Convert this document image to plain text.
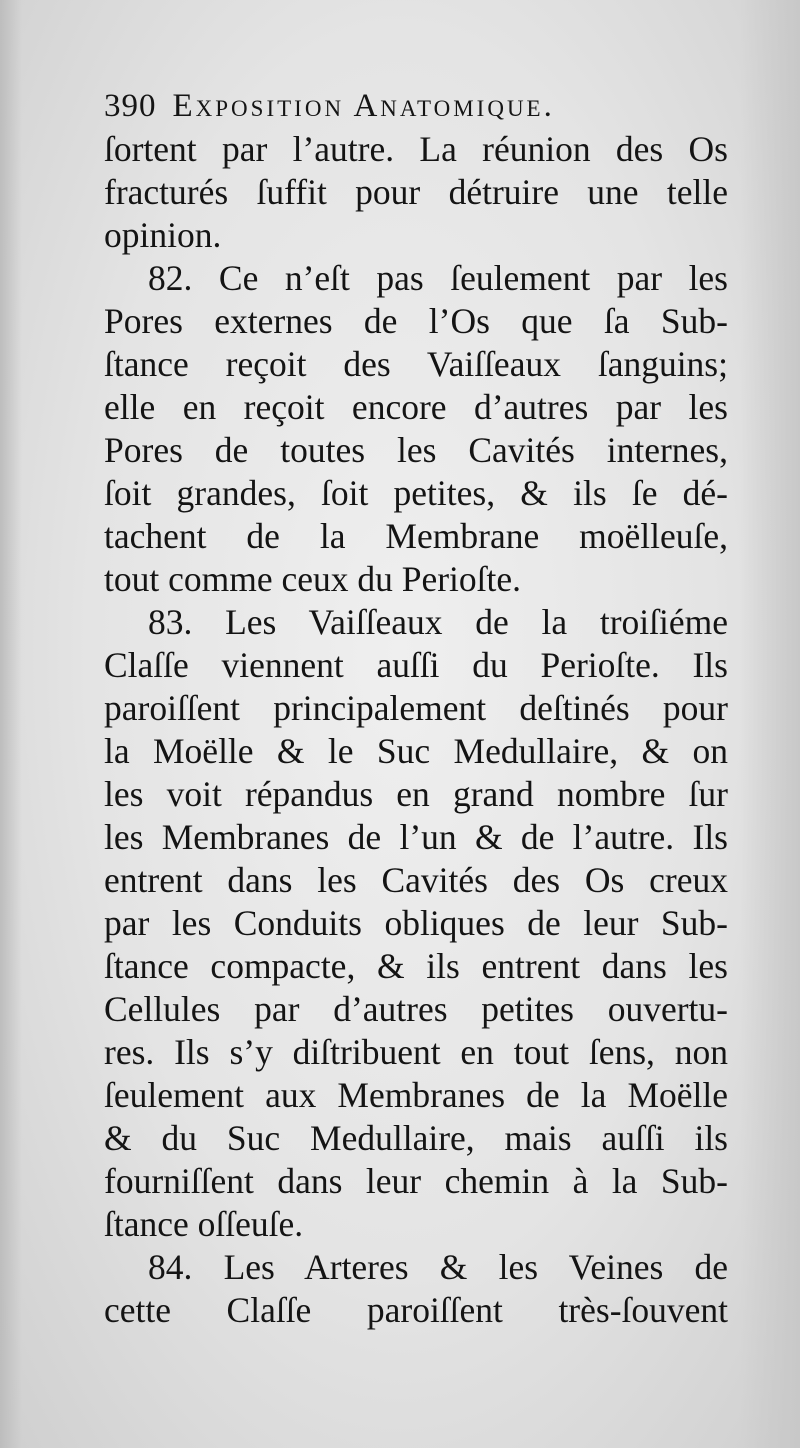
390 Exposition Anatomique.
ſortent par l’autre. La réunion des Os
fracturés ſuffit pour détruire une telle
opinion.
82. Ce n’eſt pas ſeulement par les
Pores externes de l’Os que ſa Sub-
ſtance reçoit des Vaiſſeaux ſanguins;
elle en reçoit encore d’autres par les
Pores de toutes les Cavités internes,
ſoit grandes, ſoit petites, & ils ſe dé-
tachent de la Membrane moëlleuſe,
tout comme ceux du Perioſte.
83. Les Vaiſſeaux de la troiſiéme
Claſſe viennent auſſi du Perioſte. Ils
paroiſſent principalement deſtinés pour
la Moëlle & le Suc Medullaire, & on
les voit répandus en grand nombre ſur
les Membranes de l’un & de l’autre. Ils
entrent dans les Cavités des Os creux
par les Conduits obliques de leur Sub-
ſtance compacte, & ils entrent dans les
Cellules par d’autres petites ouvertu-
res. Ils s’y diſtribuent en tout ſens, non
ſeulement aux Membranes de la Moëlle
& du Suc Medullaire, mais auſſi ils
fourniſſent dans leur chemin à la Sub-
ſtance oſſeuſe.
84. Les Arteres & les Veines de
cette Claſſe paroiſſent très-ſouvent
